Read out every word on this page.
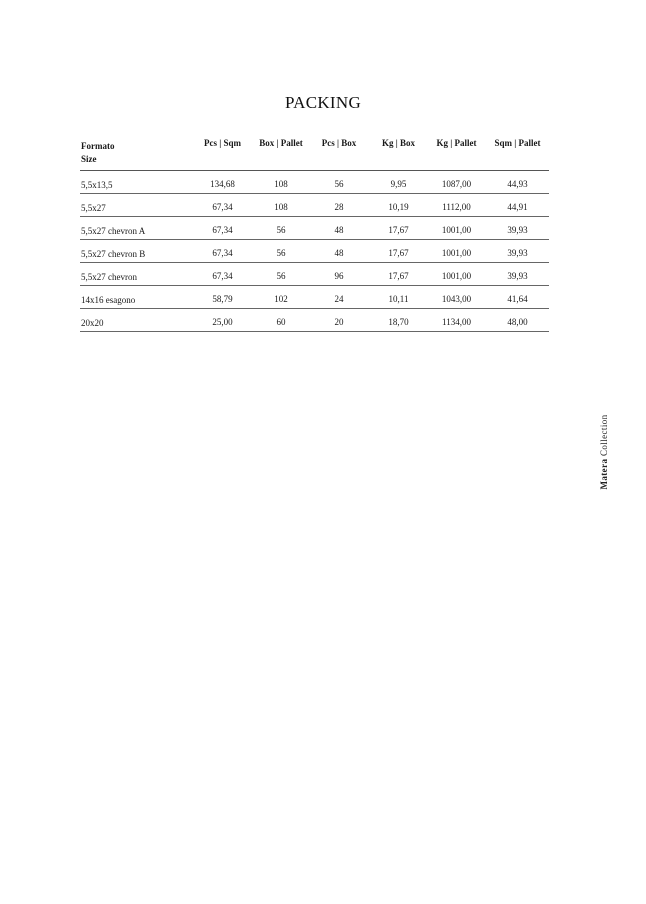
PACKING
Formato
Size
Pcs | Sqm	Box | Pallet	Pcs | Box	Kg | Box	Kg | Pallet	Sqm | Pallet
5,5x13,5	134,68	108	56	9,95	1087,00	44,93
5,5x27	67,34	108	28	10,19	1112,00	44,91
5,5x27 chevron A	67,34	56	48	17,67	1001,00	39,93
5,5x27 chevron B	67,34	56	48	17,67	1001,00	39,93
5,5x27 chevron	67,34	56	96	17,67	1001,00	39,93
14x16 esagono	58,79	102	24	10,11	1043,00	41,64
20x20	25,00	60	20	18,70	1134,00	48,00
Matera Collection
